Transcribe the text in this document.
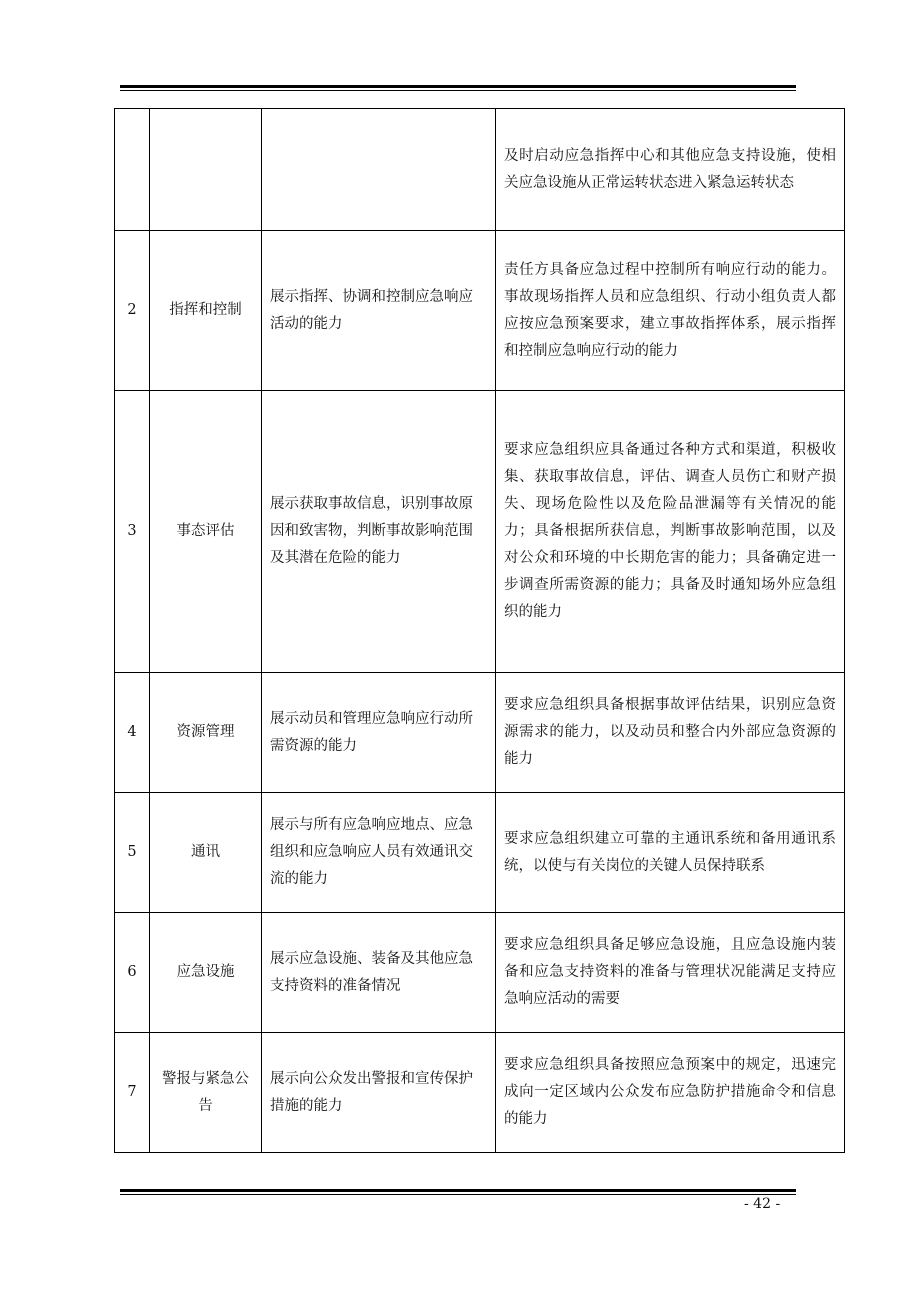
			及时启动应急指挥中心和其他应急支持设施，使相关应急设施从正常运转状态进入紧急运转状态

2	指挥和控制	展示指挥、协调和控制应急响应活动的能力	责任方具备应急过程中控制所有响应行动的能力。事故现场指挥人员和应急组织、行动小组负责人都应按应急预案要求，建立事故指挥体系，展示指挥和控制应急响应行动的能力

3	事态评估	展示获取事故信息，识别事故原因和致害物，判断事故影响范围及其潜在危险的能力	要求应急组织应具备通过各种方式和渠道，积极收集、获取事故信息，评估、调查人员伤亡和财产损失、现场危险性以及危险品泄漏等有关情况的能力；具备根据所获信息，判断事故影响范围，以及对公众和环境的中长期危害的能力；具备确定进一步调查所需资源的能力；具备及时通知场外应急组织的能力

4	资源管理	展示动员和管理应急响应行动所需资源的能力	要求应急组织具备根据事故评估结果，识别应急资源需求的能力，以及动员和整合内外部应急资源的能力

5	通讯	展示与所有应急响应地点、应急组织和应急响应人员有效通讯交流的能力	要求应急组织建立可靠的主通讯系统和备用通讯系统，以使与有关岗位的关键人员保持联系

6	应急设施	展示应急设施、装备及其他应急支持资料的准备情况	要求应急组织具备足够应急设施，且应急设施内装备和应急支持资料的准备与管理状况能满足支持应急响应活动的需要

7	警报与紧急公告	展示向公众发出警报和宣传保护措施的能力	要求应急组织具备按照应急预案中的规定，迅速完成向一定区域内公众发布应急防护措施命令和信息的能力
- 42 -
